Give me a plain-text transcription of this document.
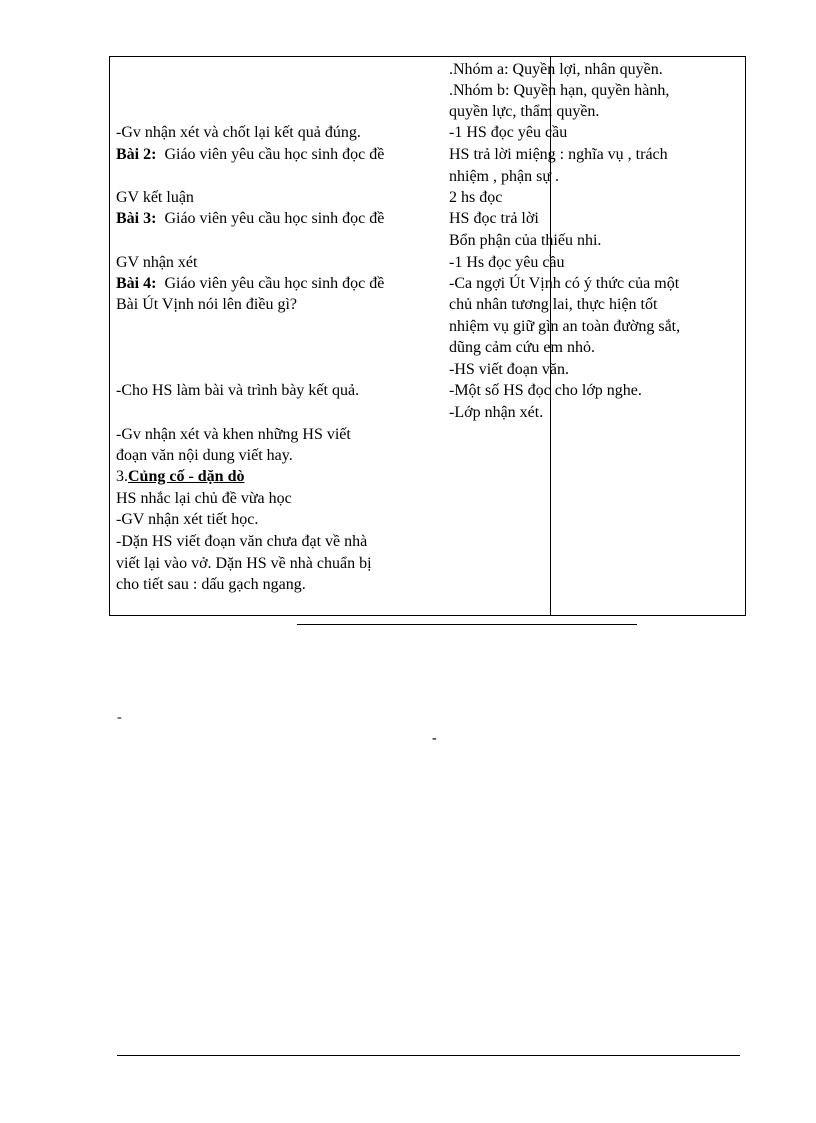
-Gv nhận xét và chốt lại kết quả đúng.
Bài 2: Giáo viên yêu cầu học sinh đọc đề
GV kết luận
Bài 3: Giáo viên yêu cầu học sinh đọc đề
GV nhận xét
Bài 4: Giáo viên yêu cầu học sinh đọc đề
Bài Út Vịnh nói lên điều gì?
-Cho HS làm bài và trình bày kết quả.
-Gv nhận xét và khen những HS viết
đoạn văn nội dung viết hay.
3.Củng cố - dặn dò
HS nhắc lại chủ đề vừa học
-GV nhận xét tiết học.
-Dặn HS viết đoạn văn chưa đạt về nhà
viết lại vào vở. Dặn HS về nhà chuẩn bị
cho tiết sau : dấu gạch ngang.
.Nhóm a: Quyền lợi, nhân quyền.
.Nhóm b: Quyền hạn, quyền hành,
quyền lực, thẩm quyền.
-1 HS đọc yêu cầu
HS trả lời miệng : nghĩa vụ , trách
nhiệm , phận sự .
2 hs đọc
HS đọc trả lời
Bổn phận của thiếu nhi.
-1 Hs đọc yêu cầu
-Ca ngợi Út Vịnh có ý thức của một
chủ nhân tương lai, thực hiện tốt
nhiệm vụ giữ gìn an toàn đường sắt,
dũng cảm cứu em nhỏ.
-HS viết đoạn văn.
-Một số HS đọc cho lớp nghe.
-Lớp nhận xét.
-
-
